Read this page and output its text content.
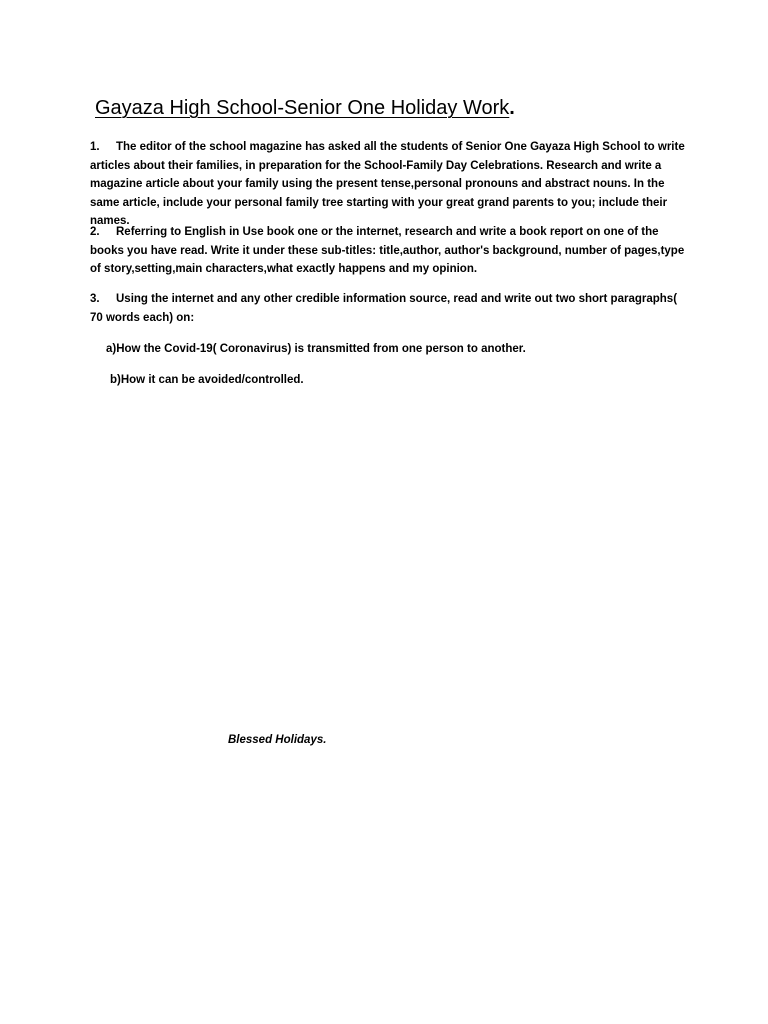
Gayaza High School-Senior One Holiday Work.

1. The editor of the school magazine has asked all the students of Senior One Gayaza High School to write articles about their families, in preparation for the School-Family Day Celebrations. Research and write a magazine article about your family using the present tense,personal pronouns and abstract nouns. In the same article, include your personal family tree starting with your great grand parents to you; include their names.

2. Referring to English in Use book one or the internet, research and write a book report on one of the books you have read. Write it under these sub-titles: title,author, author's background, number of pages,type of story,setting,main characters,what exactly happens and my opinion.

3. Using the internet and any other credible information source, read and write out two short paragraphs( 70 words each) on:

a)How the Covid-19( Coronavirus) is transmitted from one person to another.

b)How it can be avoided/controlled.

Blessed Holidays.
